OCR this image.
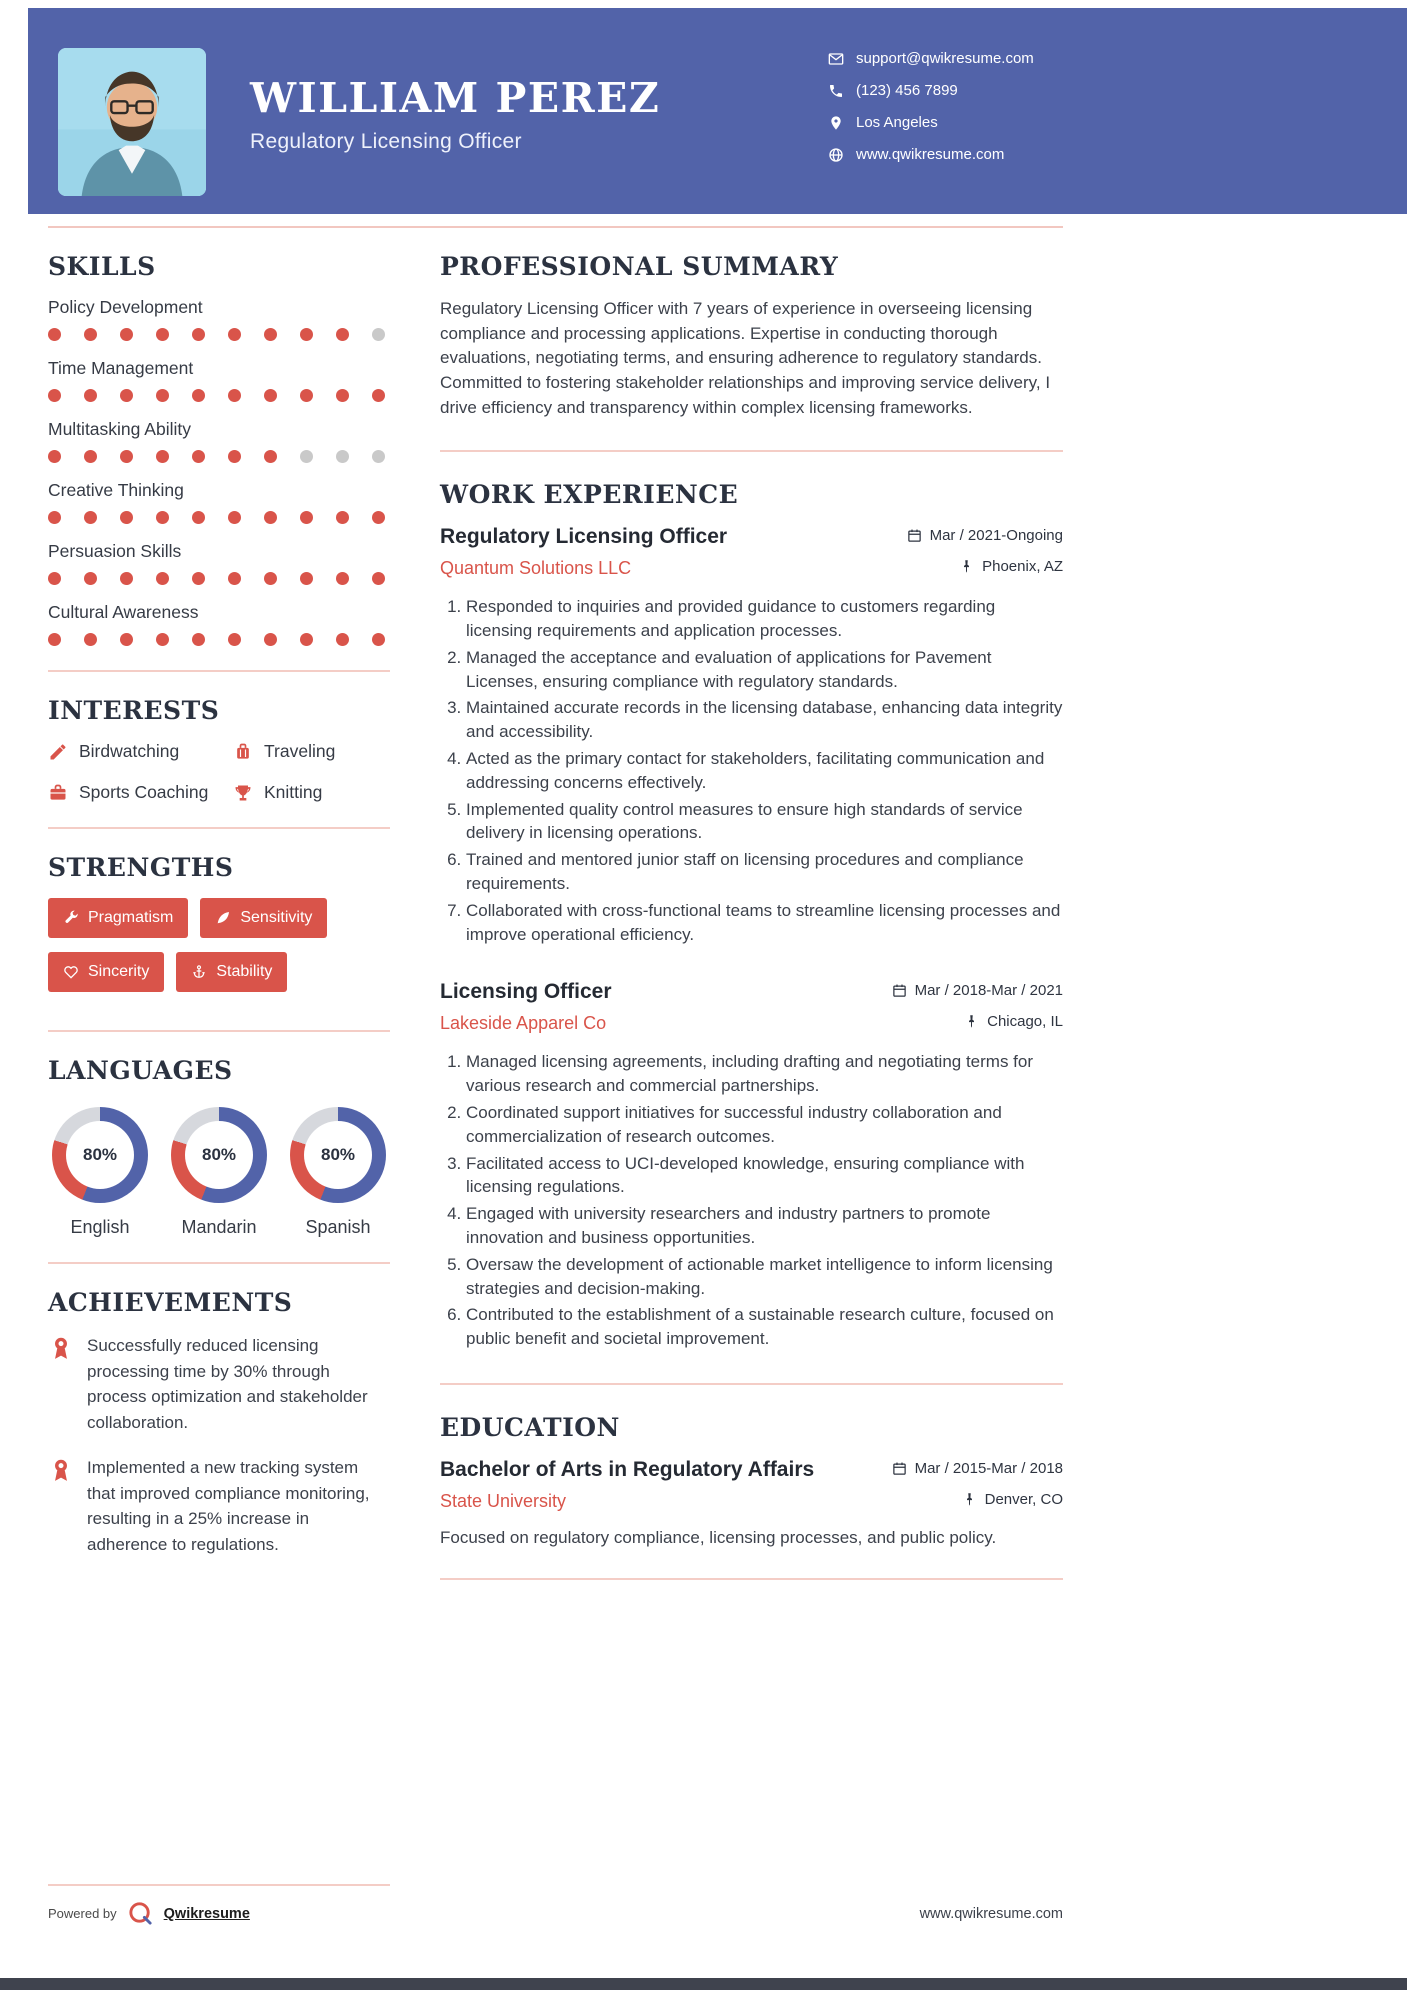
WILLIAM PEREZ
Regulatory Licensing Officer
support@qwikresume.com
(123) 456 7899
Los Angeles
www.qwikresume.com
SKILLS
Policy Development
Time Management
Multitasking Ability
Creative Thinking
Persuasion Skills
Cultural Awareness
INTERESTS
Birdwatching	Traveling
Sports Coaching	Knitting
STRENGTHS
Pragmatism	Sensitivity
Sincerity	Stability
LANGUAGES
80%
English
80%
Mandarin
80%
Spanish
ACHIEVEMENTS
Successfully reduced licensing processing time by 30% through process optimization and stakeholder collaboration.
Implemented a new tracking system that improved compliance monitoring, resulting in a 25% increase in adherence to regulations.
PROFESSIONAL SUMMARY

Regulatory Licensing Officer with 7 years of experience in overseeing licensing compliance and processing applications. Expertise in conducting thorough evaluations, negotiating terms, and ensuring adherence to regulatory standards. Committed to fostering stakeholder relationships and improving service delivery, I drive efficiency and transparency within complex licensing frameworks.

WORK EXPERIENCE
Regulatory Licensing Officer	Mar / 2021-Ongoing
Quantum Solutions LLC	Phoenix, AZ
1. Responded to inquiries and provided guidance to customers regarding licensing requirements and application processes.
2. Managed the acceptance and evaluation of applications for Pavement Licenses, ensuring compliance with regulatory standards.
3. Maintained accurate records in the licensing database, enhancing data integrity and accessibility.
4. Acted as the primary contact for stakeholders, facilitating communication and addressing concerns effectively.
5. Implemented quality control measures to ensure high standards of service delivery in licensing operations.
6. Trained and mentored junior staff on licensing procedures and compliance requirements.
7. Collaborated with cross-functional teams to streamline licensing processes and improve operational efficiency.
Licensing Officer	Mar / 2018-Mar / 2021
Lakeside Apparel Co	Chicago, IL
1. Managed licensing agreements, including drafting and negotiating terms for various research and commercial partnerships.
2. Coordinated support initiatives for successful industry collaboration and commercialization of research outcomes.
3. Facilitated access to UCI-developed knowledge, ensuring compliance with licensing regulations.
4. Engaged with university researchers and industry partners to promote innovation and business opportunities.
5. Oversaw the development of actionable market intelligence to inform licensing strategies and decision-making.
6. Contributed to the establishment of a sustainable research culture, focused on public benefit and societal improvement.
EDUCATION
Bachelor of Arts in Regulatory Affairs	Mar / 2015-Mar / 2018
State University	Denver, CO
Focused on regulatory compliance, licensing processes, and public policy.
Powered by	Qwikresume	www.qwikresume.com
